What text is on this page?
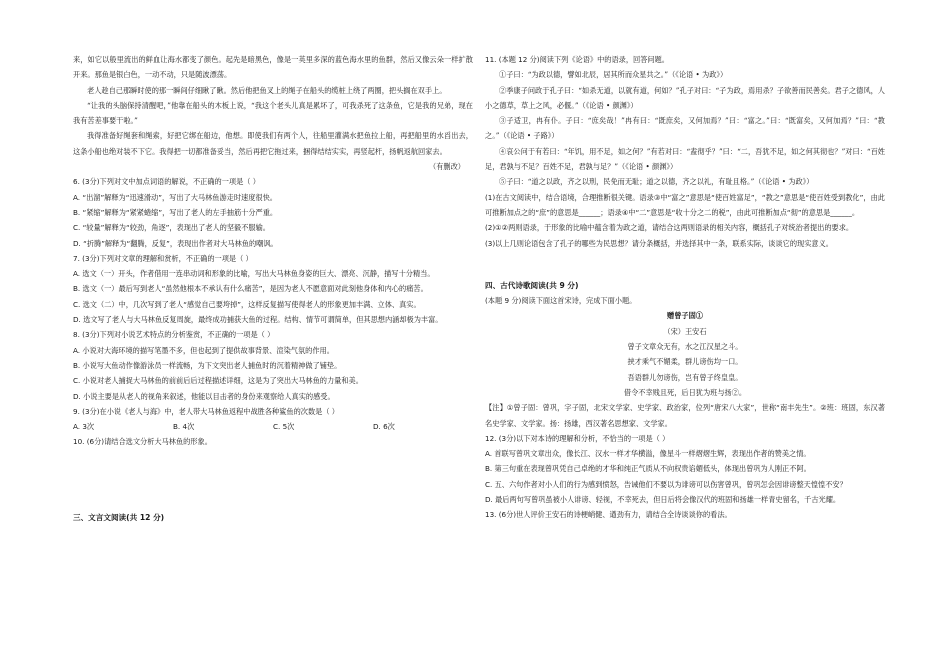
来，如它以般里流出的鲜血让海水都变了颜色。起先是暗黑色，像是一英里多深的蓝色海水里的鱼群，然后又像云朵一样扩散开来。那鱼是银白色，一动不动，只是随波漂荡。

老人趁自己那瞬时使的那一瞬间仔细瞅了瞅。然后他把鱼叉上的绳子在船头的缆桩上绕了两圈，把头搁在双手上。

“让我的头脑保持清醒吧，”他靠在船头的木板上说，“我这个老头儿真是累坏了，可我杀死了这条鱼，它是我的兄弟，现在我有苦差事要干啦。”

我得准备好绳套和绳索，好把它绑在船边，他想。即使我们有两个人，往船里灌满水把鱼拉上船，再把船里的水舀出去，这条小船也绝对装不下它。我得把一切都准备妥当，然后再把它拖过来，捆得结结实实，再竖起杆，扬帆返航回家去。

（有删改）

6. (3分)下列对文中加点词语的解说，不正确的一项是（ ）

A. “出溜”解释为“迅速滑动”，写出了大马林鱼游走时速度很快。

B. “紧缩”解释为“紧紧蜷缩”，写出了老人的左手抽筋十分严重。

C. “较量”解释为“较劲，角逐”，表现出了老人的坚毅不服输。

D. “折腾”解释为“翻腾，反复”，表现出作者对大马林鱼的嘲讽。

7. (3分)下列对文章的理解和赏析，不正确的一项是（ ）

A. 选文（一）开头，作者借用一连串动词和形象的比喻，写出大马林鱼身姿的巨大、漂亮、沉静，描写十分精当。

B. 选文（一）最后写到老人“虽然他根本不承认有什么痛苦”，是因为老人不愿意面对此刻他身体和内心的痛苦。

C. 选文（二）中，几次写到了老人“感觉自己要垮掉”，这样反复描写使得老人的形象更加丰满、立体、真实。

D. 选文写了老人与大马林鱼反复周旋，最终成功捕获大鱼的过程。结构、情节可谓简单，但其思想内涵却极为丰富。

8. (3分)下列对小说艺术特点的分析鉴赏，不正确的一项是（ ）

A. 小说对大海环境的描写笔墨不多，但也起到了提供故事背景、渲染气氛的作用。

B. 小说写大鱼动作像游泳员一样流畅，为下文突出老人捕鱼时的沉着精神做了铺垫。

C. 小说对老人捕捉大马林鱼的前前后后过程描述详细，这是为了突出大马林鱼的力量和美。

D. 小说主要是从老人的视角来叙述，他能以目击者的身份来观察给人真实的感受。

9. (3分)在小说《老人与海》中，老人带大马林鱼返程中战胜各种鲨鱼的次数是（ ）

A. 3次	B. 4次	C. 5次	D. 6次

10. (6分)请结合选文分析大马林鱼的形象。

三、文言文阅读(共 12 分)

11. (本题 12 分)阅读下列《论语》中的语录，回答问题。

①子曰：“为政以德，譬如北辰，居其所而众星共之。”（《论语 • 为政》）

②季康子问政于孔子曰：“如杀无道，以就有道，何如？”孔子对曰：“子为政，焉用杀？子欲善而民善矣。君子之德风，人小之德草，草上之风，必偃。”（《论语 • 颜渊》）

③子适卫，冉有仆。子曰：“庶矣哉！”冉有曰：“既庶矣，又何加焉？”曰：“富之。”曰：“既富矣，又何加焉？”曰：“教之。”（《论语 • 子路》）

④哀公问于有若曰：“年饥，用不足，如之何？”有若对曰：“盍彻乎？”曰：“二，吾犹不足，如之何其彻也？”对曰：“百姓足，君孰与不足？百姓不足，君孰与足？”（《论语 • 颜渊》）

⑤子曰：“道之以政，齐之以刑，民免而无耻；道之以德，齐之以礼，有耻且格。”（《论语 • 为政》）

(1)在古文阅读中，结合语境，合理推断很关键。语录③中“富之”意思是“使百姓富足”，“教之”意思是“使百姓受到教化”，由此可推断加点之的“庶”的意思是______；语录④中“二”意思是“收十分之二的税”，由此可推断加点“彻”的意思是______。

(2)①②两则语录，于形象的比喻中蕴含着为政之道，请结合这两则语录的相关内容，概括孔子对统治者提出的要求。

(3)以上几则论语包含了孔子的哪些为民思想？请分条概括，并选择其中一条，联系实际，谈谈它的现实意义。

四、古代诗歌阅读(共 9 分)

(本题 9 分)阅读下面这首宋诗，完成下面小题。

赠曾子固①

（宋）王安石

曾子文章众无有，水之江汉星之斗。

挟才乘气不媚柔，群儿谤伤均一口。

吾语群儿勿谤伤，岂有曾子终皇皇。

借令不幸贱且死，后日犹为班与扬②。

【注】①曾子固：曾巩，字子固，北宋文学家、史学家、政治家，位列“唐宋八大家”，世称“南丰先生”。②班：班固，东汉著名史学家、文学家。扬：扬雄，西汉著名思想家、文学家。

12. (3分)以下对本诗的理解和分析，不恰当的一项是（ ）

A. 首联写曾巩文章出众，像长江、汉水一样才华横溢，像星斗一样熠熠生辉，表现出作者的赞美之情。

B. 第三句重在表现曾巩凭自己卓绝的才华和纯正气质从不向权贵谄媚低头，体现出曾巩为人刚正不阿。

C. 五、六句作者对小人们的行为感到愤怒，告诫他们不要以为诽谤可以伤害曾巩，曾巩怎会因诽谤整天惶惶不安？

D. 最后两句写曾巩虽被小人诽谤、轻视，不幸死去，但日后将会像汉代的班固和扬雄一样青史留名，千古光耀。

13. (6分)世人评价王安石的诗梗峭健、遒劲有力，请结合全诗谈谈你的看法。
